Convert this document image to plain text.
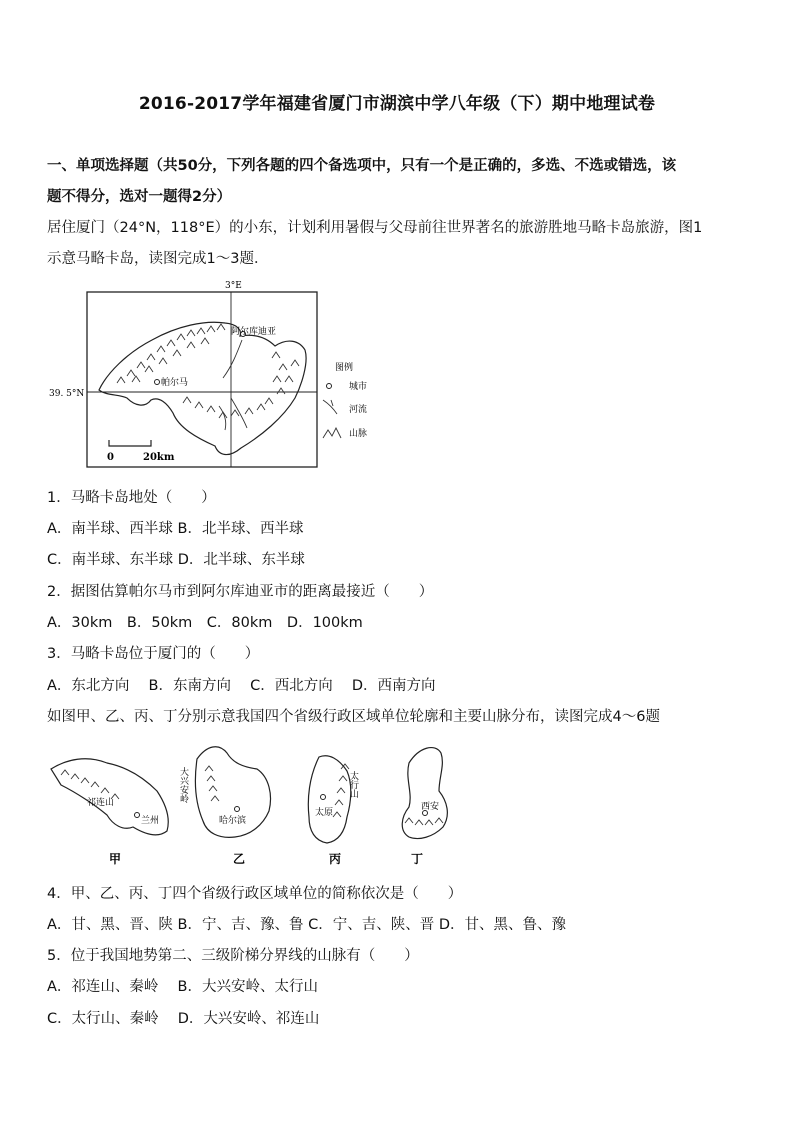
2016-2017学年福建省厦门市湖滨中学八年级（下）期中地理试卷
一、单项选择题（共50分，下列各题的四个备选项中，只有一个是正确的，多选、不选或错选，该
题不得分，选对一题得2分）
居住厦门（24°N，118°E）的小东，计划利用暑假与父母前往世界著名的旅游胜地马略卡岛旅游，图1
示意马略卡岛，读图完成1～3题．
3°E
39. 5°N
阿尔库迪亚
帕尔马
图例
城市
河流
山脉
0	20km
1．马略卡岛地处（　　）
A．南半球、西半球 B．北半球、西半球
C．南半球、东半球 D．北半球、东半球
2．据图估算帕尔马市到阿尔库迪亚市的距离最接近（　　）
A．30km　B．50km　C．80km　D．100km
3．马略卡岛位于厦门的（　　）
A．东北方向　 B．东南方向　 C．西北方向　 D．西南方向
如图甲、乙、丙、丁分别示意我国四个省级行政区域单位轮廓和主要山脉分布，读图完成4～6题
祁连山
兰州
甲
大兴安岭
哈尔滨
乙
太行山
太原
丙
西安
丁
4．甲、乙、丙、丁四个省级行政区域单位的简称依次是（　　）
A．甘、黑、晋、陕 B．宁、吉、豫、鲁 C．宁、吉、陕、晋 D．甘、黑、鲁、豫
5．位于我国地势第二、三级阶梯分界线的山脉有（　　）
A．祁连山、秦岭　 B．大兴安岭、太行山
C．太行山、秦岭　 D．大兴安岭、祁连山
